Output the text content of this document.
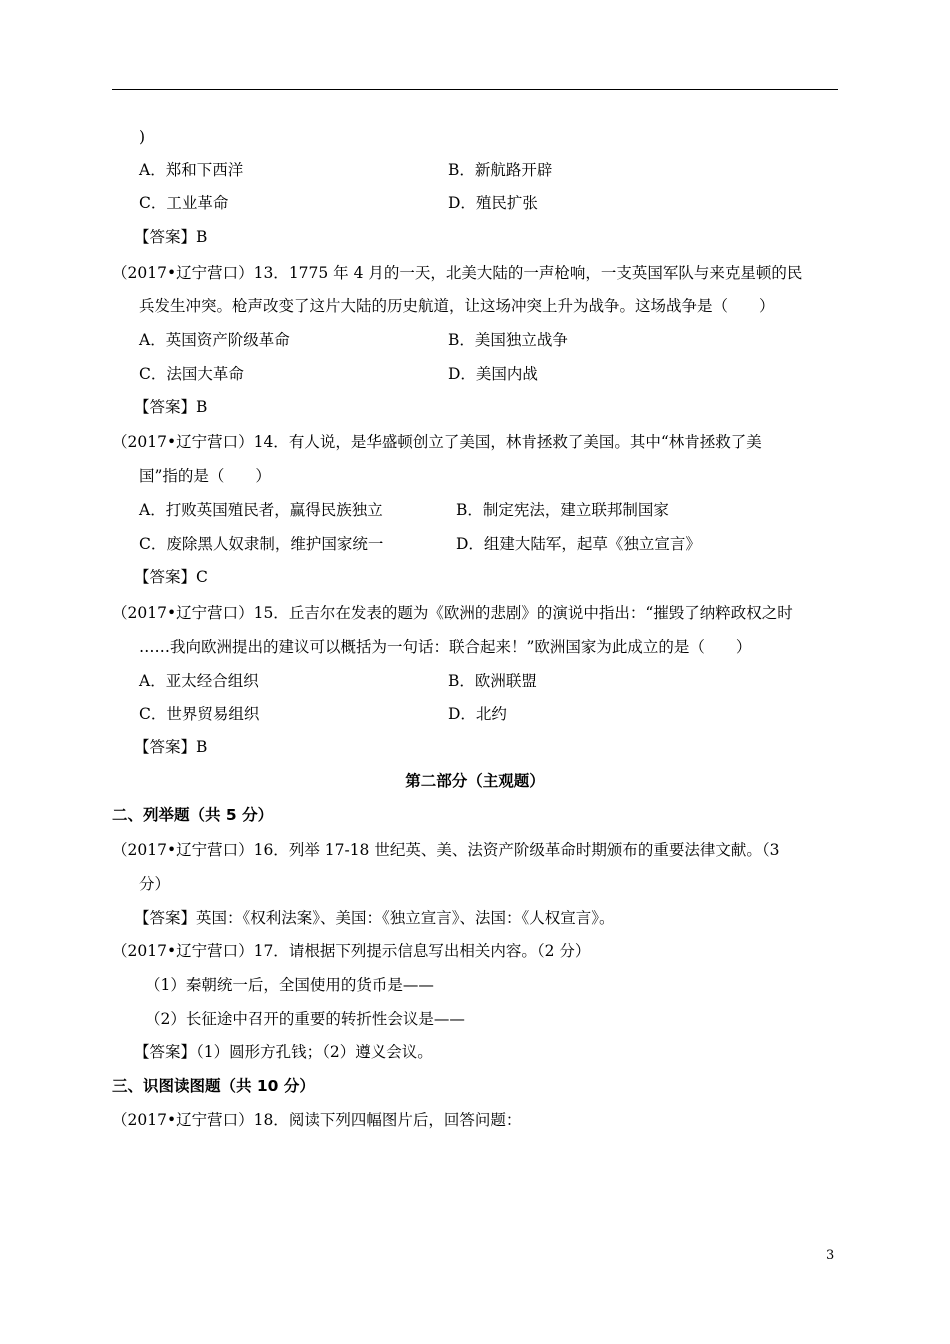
)
A．郑和下西洋	B．新航路开辟
C．工业革命	D．殖民扩张
【答案】B
（2017•辽宁营口）13．1775 年 4 月的一天，北美大陆的一声枪响，一支英国军队与来克星顿的民
兵发生冲突。枪声改变了这片大陆的历史航道，让这场冲突上升为战争。这场战争是（　　）
A．英国资产阶级革命	B．美国独立战争
C．法国大革命	D．美国内战
【答案】B
（2017•辽宁营口）14．有人说，是华盛顿创立了美国，林肯拯救了美国。其中“林肯拯救了美
国”指的是（　　）
A．打败英国殖民者，赢得民族独立	B．制定宪法，建立联邦制国家
C．废除黑人奴隶制，维护国家统一	D．组建大陆军，起草《独立宣言》
【答案】C
（2017•辽宁营口）15．丘吉尔在发表的题为《欧洲的悲剧》的演说中指出：“摧毁了纳粹政权之时
……我向欧洲提出的建议可以概括为一句话：联合起来！”欧洲国家为此成立的是（　　）
A．亚太经合组织	B．欧洲联盟
C．世界贸易组织	D．北约
【答案】B
第二部分（主观题）
二、列举题（共 5 分）
（2017•辽宁营口）16．列举 17-18 世纪英、美、法资产阶级革命时期颁布的重要法律文献。（3
分）
【答案】英国：《权利法案》、美国：《独立宣言》、法国：《人权宣言》。
（2017•辽宁营口）17．请根据下列提示信息写出相关内容。（2 分）
（1）秦朝统一后，全国使用的货币是——
（2）长征途中召开的重要的转折性会议是——
【答案】（1）圆形方孔钱；（2）遵义会议。
三、识图读图题（共 10 分）
（2017•辽宁营口）18．阅读下列四幅图片后，回答问题：
3
